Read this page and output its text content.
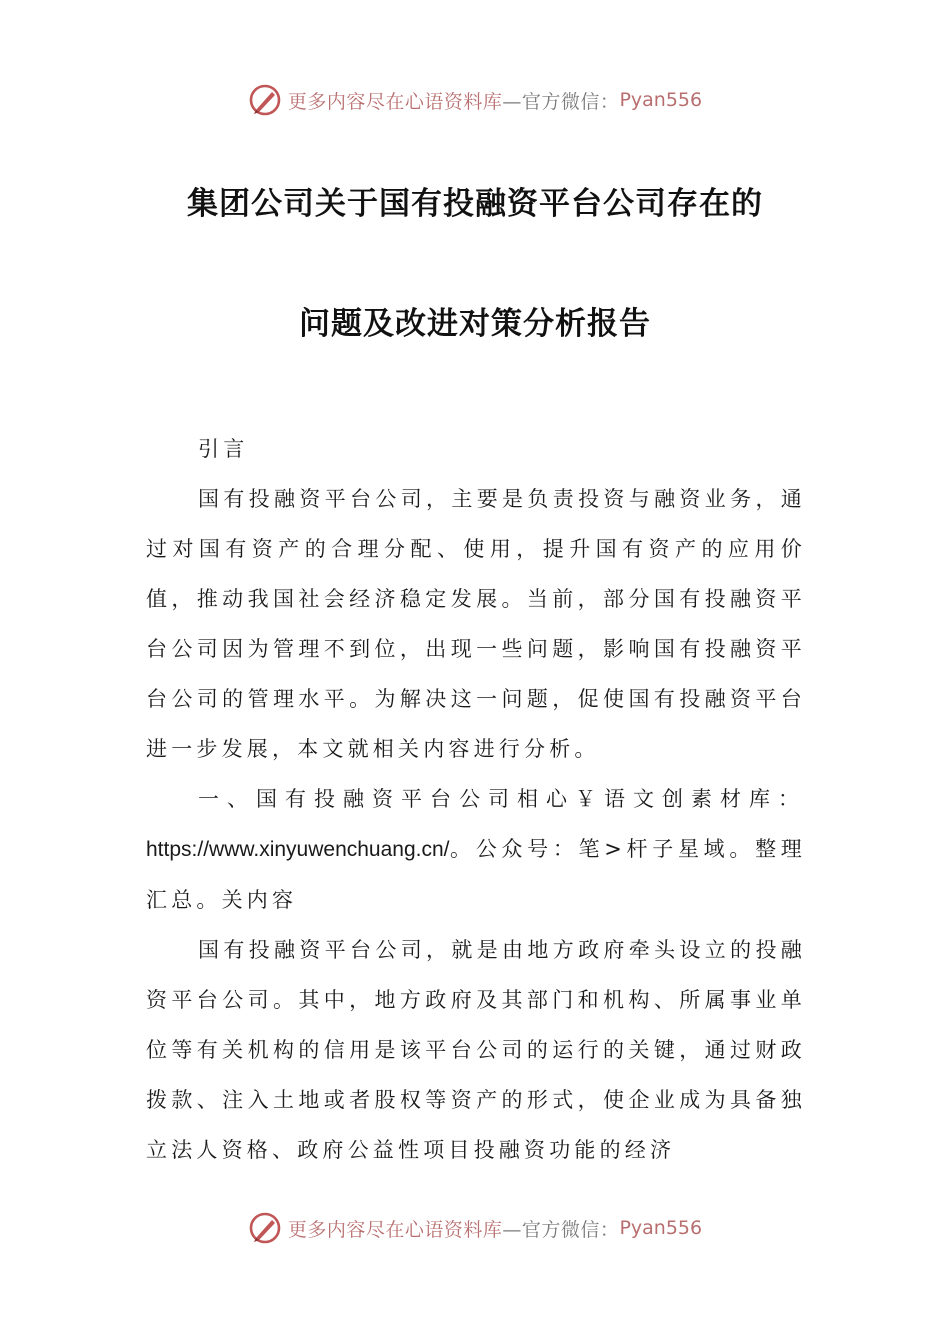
更多内容尽在心语资料库 —官方微信： Pyan556
集团公司关于国有投融资平台公司存在的
问题及改进对策分析报告

引言

国有投融资平台公司，主要是负责投资与融资业务，通过对国有资产的合理分配、使用，提升国有资产的应用价值，推动我国社会经济稳定发展。当前，部分国有投融资平台公司因为管理不到位，出现一些问题，影响国有投融资平台公司的管理水平。为解决这一问题，促使国有投融资平台进一步发展，本文就相关内容进行分析。

一、国有投融资平台公司相心￥语文创素材库：https://www.xinyuwenchuang.cn/。公众号：笔>杆子星域。整理汇总。关内容

国有投融资平台公司，就是由地方政府牵头设立的投融资平台公司。其中，地方政府及其部门和机构、所属事业单位等有关机构的信用是该平台公司的运行的关键，通过财政拨款、注入土地或者股权等资产的形式，使企业成为具备独立法人资格、政府公益性项目投融资功能的经济

更多内容尽在心语资料库 —官方微信： Pyan556
